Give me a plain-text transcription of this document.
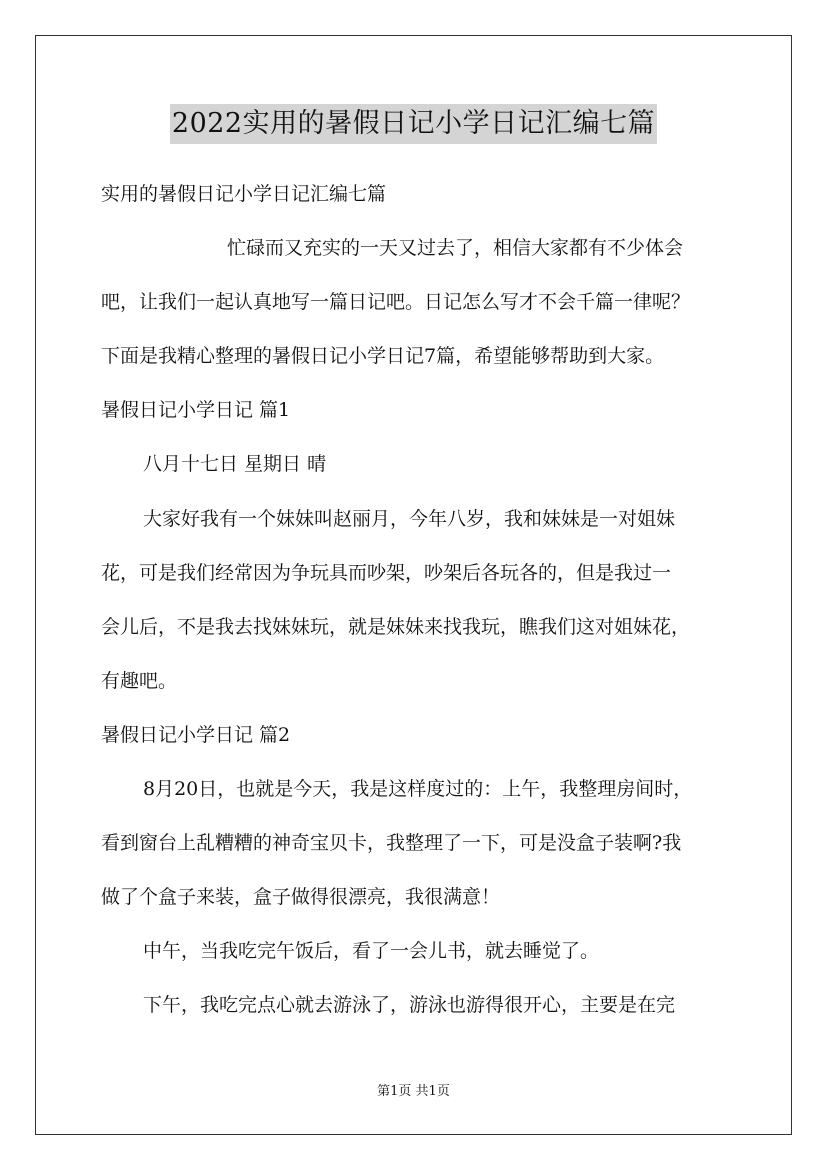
2022实用的暑假日记小学日记汇编七篇
实用的暑假日记小学日记汇编七篇
忙碌而又充实的一天又过去了，相信大家都有不少体会
吧，让我们一起认真地写一篇日记吧。日记怎么写才不会千篇一律呢？
下面是我精心整理的暑假日记小学日记7篇，希望能够帮助到大家。
暑假日记小学日记 篇1
八月十七日 星期日 晴
大家好我有一个妹妹叫赵丽月，今年八岁，我和妹妹是一对姐妹
花，可是我们经常因为争玩具而吵架，吵架后各玩各的，但是我过一
会儿后，不是我去找妹妹玩，就是妹妹来找我玩，瞧我们这对姐妹花，
有趣吧。
暑假日记小学日记 篇2
8月20日，也就是今天，我是这样度过的：上午，我整理房间时，
看到窗台上乱糟糟的神奇宝贝卡，我整理了一下，可是没盒子装啊?我
做了个盒子来装，盒子做得很漂亮，我很满意！
中午，当我吃完午饭后，看了一会儿书，就去睡觉了。
下午，我吃完点心就去游泳了，游泳也游得很开心，主要是在完
第1页 共1页
